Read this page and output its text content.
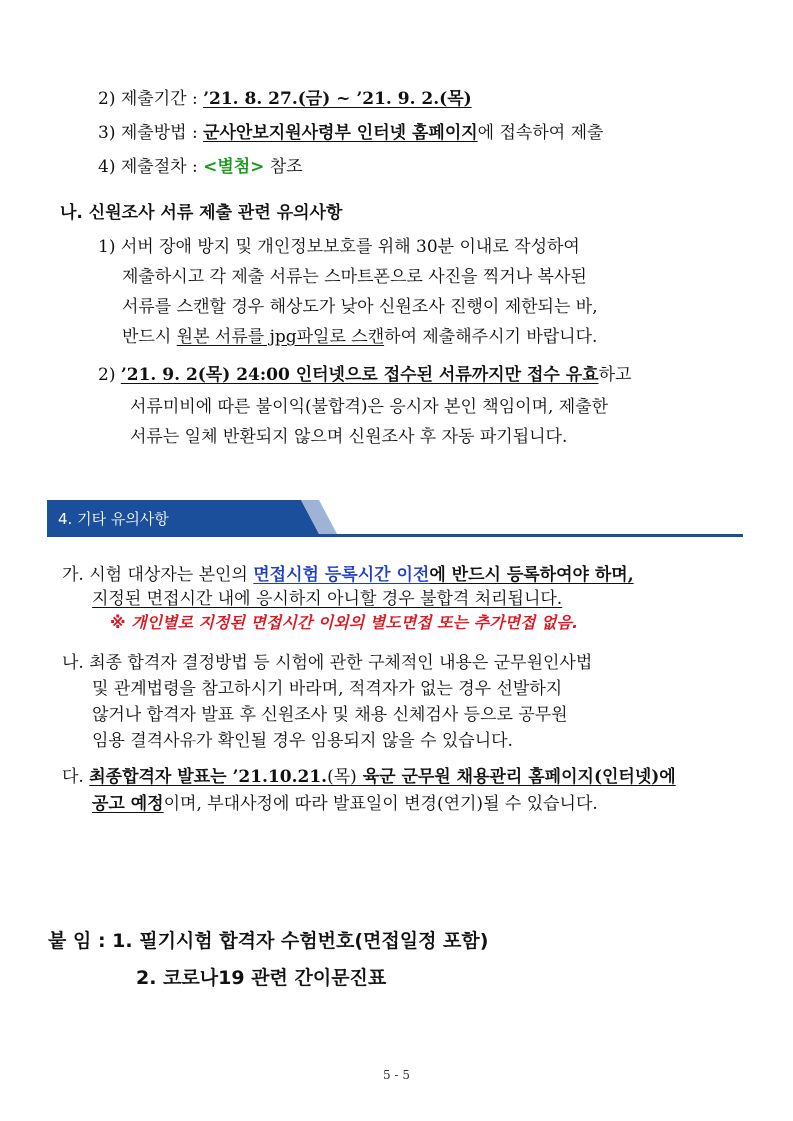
2) 제출기간 : ’21. 8. 27.(금) ~ ’21. 9. 2.(목)
3) 제출방법 : 군사안보지원사령부 인터넷 홈페이지에 접속하여 제출
4) 제출절차 : <별첨> 참조
나. 신원조사 서류 제출 관련 유의사항
1) 서버 장애 방지 및 개인정보보호를 위해 30분 이내로 작성하여
제출하시고 각 제출 서류는 스마트폰으로 사진을 찍거나 복사된
서류를 스캔할 경우 해상도가 낮아 신원조사 진행이 제한되는 바,
반드시 원본 서류를 jpg파일로 스캔하여 제출해주시기 바랍니다.
2) ’21. 9. 2(목) 24:00 인터넷으로 접수된 서류까지만 접수 유효하고
서류미비에 따른 불이익(불합격)은 응시자 본인 책임이며, 제출한
서류는 일체 반환되지 않으며 신원조사 후 자동 파기됩니다.
4. 기타 유의사항
가. 시험 대상자는 본인의 면접시험 등록시간 이전에 반드시 등록하여야 하며,
지정된 면접시간 내에 응시하지 아니할 경우 불합격 처리됩니다.
※ 개인별로 지정된 면접시간 이외의 별도면접 또는 추가면접 없음.
나. 최종 합격자 결정방법 등 시험에 관한 구체적인 내용은 군무원인사법
및 관계법령을 참고하시기 바라며, 적격자가 없는 경우 선발하지
않거나 합격자 발표 후 신원조사 및 채용 신체검사 등으로 공무원
임용 결격사유가 확인될 경우 임용되지 않을 수 있습니다.
다. 최종합격자 발표는 ’21.10.21.(목) 육군 군무원 채용관리 홈페이지(인터넷)에
공고 예정이며, 부대사정에 따라 발표일이 변경(연기)될 수 있습니다.
붙 임 : 1. 필기시험 합격자 수험번호(면접일정 포함)
2. 코로나19 관련 간이문진표
5 - 5
